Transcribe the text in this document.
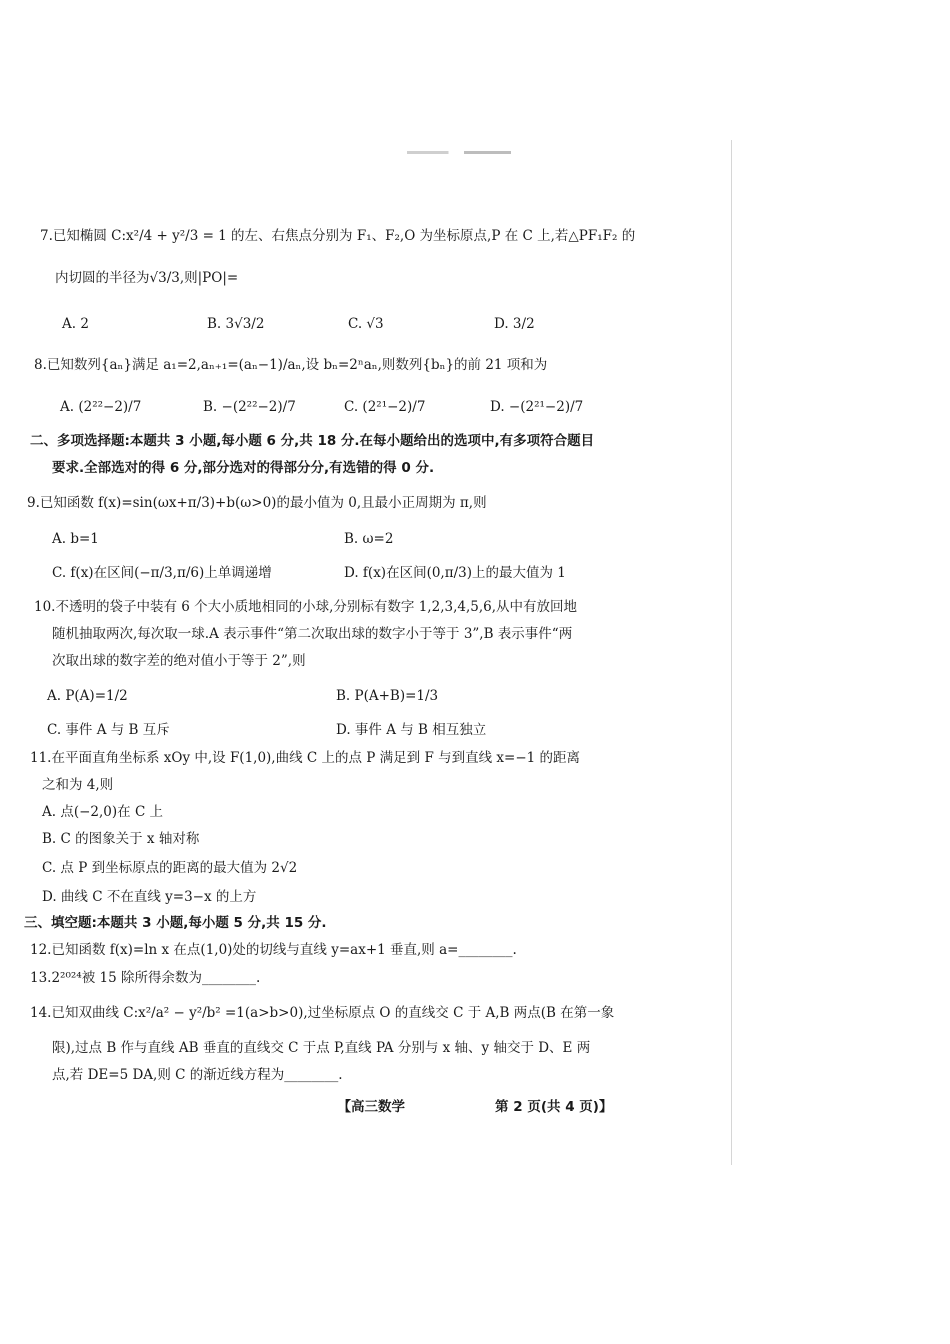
7.已知椭圆 C:x²/4 + y²/3 = 1 的左、右焦点分别为 F₁、F₂,O 为坐标原点,P 在 C 上,若△PF₁F₂ 的
内切圆的半径为√3/3,则|PO|=
A. 2	B. 3√3/2	C. √3	D. 3/2
8.已知数列{aₙ}满足 a₁=2,aₙ₊₁=(aₙ−1)/aₙ,设 bₙ=2ⁿaₙ,则数列{bₙ}的前 21 项和为
A. (2²²−2)/7	B. −(2²²−2)/7	C. (2²¹−2)/7	D. −(2²¹−2)/7
二、多项选择题:本题共 3 小题,每小题 6 分,共 18 分.在每小题给出的选项中,有多项符合题目
要求.全部选对的得 6 分,部分选对的得部分分,有选错的得 0 分.
9.已知函数 f(x)=sin(ωx+π/3)+b(ω>0)的最小值为 0,且最小正周期为 π,则
A. b=1	B. ω=2
C. f(x)在区间(−π/3,π/6)上单调递增	D. f(x)在区间(0,π/3)上的最大值为 1
10.不透明的袋子中装有 6 个大小质地相同的小球,分别标有数字 1,2,3,4,5,6,从中有放回地
随机抽取两次,每次取一球.A 表示事件“第二次取出球的数字小于等于 3”,B 表示事件“两
次取出球的数字差的绝对值小于等于 2”,则
A. P(A)=1/2	B. P(A+B)=1/3
C. 事件 A 与 B 互斥	D. 事件 A 与 B 相互独立
11.在平面直角坐标系 xOy 中,设 F(1,0),曲线 C 上的点 P 满足到 F 与到直线 x=−1 的距离
之和为 4,则
A. 点(−2,0)在 C 上
B. C 的图象关于 x 轴对称
C. 点 P 到坐标原点的距离的最大值为 2√2
D. 曲线 C 不在直线 y=3−x 的上方
三、填空题:本题共 3 小题,每小题 5 分,共 15 分.
12.已知函数 f(x)=ln x 在点(1,0)处的切线与直线 y=ax+1 垂直,则 a=________.
13.2²⁰²⁴被 15 除所得余数为________.
14.已知双曲线 C:x²/a² − y²/b² =1(a>b>0),过坐标原点 O 的直线交 C 于 A,B 两点(B 在第一象
限),过点 B 作与直线 AB 垂直的直线交 C 于点 P,直线 PA 分别与 x 轴、y 轴交于 D、E 两
点,若 DE=5 DA,则 C 的渐近线方程为________.
【高三数学	第 2 页(共 4 页)】
